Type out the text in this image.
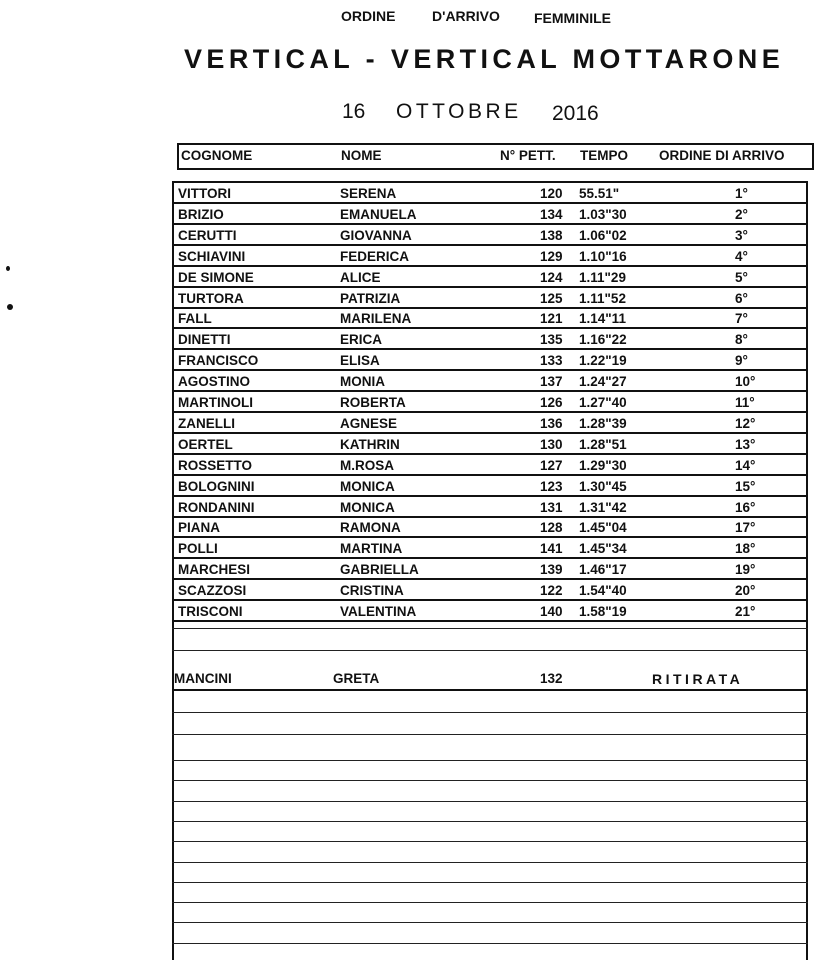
ORDINE	D'ARRIVO FEMMINILE
VERTICAL - VERTICAL MOTTARONE
16 OTTOBRE 2016
COGNOME	NOME	N° PETT. TEMPO ORDINE DI ARRIVO
VITTORI	SERENA	120 55.51"	1°
BRIZIO	EMANUELA	134 1.03"30	2°
CERUTTI	GIOVANNA	138 1.06"02	3°
SCHIAVINI	FEDERICA	129 1.10"16	4°
DE SIMONE	ALICE	124 1.11"29	5°
TURTORA	PATRIZIA	125 1.11"52	6°
FALL	MARILENA	121 1.14"11	7°
DINETTI	ERICA	135 1.16"22	8°
FRANCISCO	ELISA	133 1.22"19	9°
AGOSTINO	MONIA	137 1.24"27	10°
MARTINOLI	ROBERTA	126 1.27"40	11°
ZANELLI	AGNESE	136 1.28"39	12°
OERTEL	KATHRIN	130 1.28"51	13°
ROSSETTO	M.ROSA	127 1.29"30	14°
BOLOGNINI	MONICA	123 1.30"45	15°
RONDANINI	MONICA	131 1.31"42	16°
PIANA	RAMONA	128 1.45"04	17°
POLLI	MARTINA	141 1.45"34	18°
MARCHESI	GABRIELLA	139 1.46"17	19°
SCAZZOSI	CRISTINA	122 1.54"40	20°
TRISCONI	VALENTINA	140 1.58"19	21°
MANCINI	GRETA	132	RITIRATA
